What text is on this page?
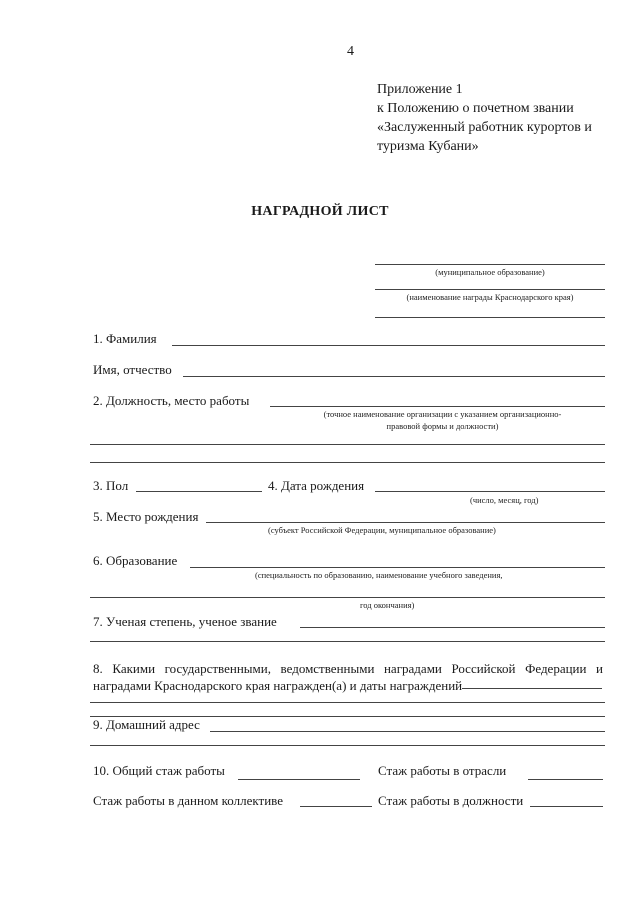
4
Приложение 1
к Положению о почетном звании
«Заслуженный работник курортов и
туризма Кубани»
НАГРАДНОЙ ЛИСТ
(муниципальное образование)
(наименование награды Краснодарского края)
1. Фамилия
Имя, отчество
2. Должность, место работы
(точное наименование организации с указанием организационно-
правовой формы и должности)
3. Пол	4. Дата рождения
(число, месяц, год)
5. Место рождения
(субъект Российской Федерации, муниципальное образование)
6. Образование
(специальность по образованию, наименование учебного заведения,
год окончания)
7. Ученая степень, ученое звание
8. Какими государственными, ведомственными наградами Российской Федерации и наградами Краснодарского края награжден(а) и даты награждений
9. Домашний адрес
10. Общий стаж работы	Стаж работы в отрасли
Стаж работы в данном коллективе	Стаж работы в должности
